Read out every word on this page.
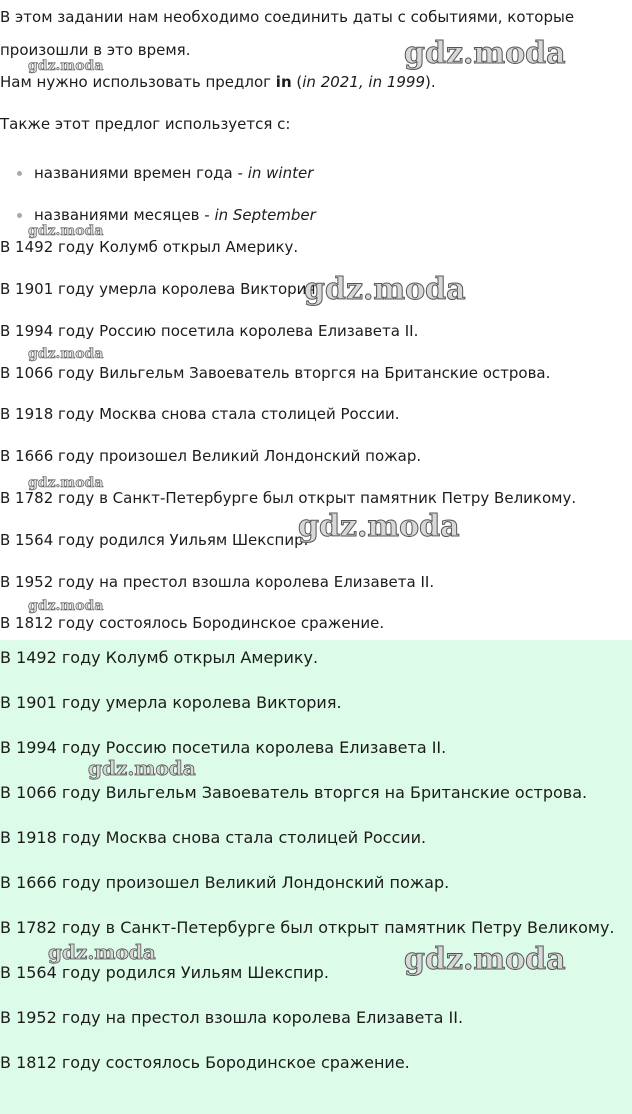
В этом задании нам необходимо соединить даты с событиями, которые
произошли в это время.
Нам нужно использовать предлог in (in 2021, in 1999).
Также этот предлог используется с:
названиями времен года - in winter
названиями месяцев - in September
В 1492 году Колумб открыл Америку.
В 1901 году умерла королева Виктория.
В 1994 году Россию посетила королева Елизавета II.
В 1066 году Вильгельм Завоеватель вторгся на Британские острова.
В 1918 году Москва снова стала столицей России.
В 1666 году произошел Великий Лондонский пожар.
В 1782 году в Санкт-Петербурге был открыт памятник Петру Великому.
В 1564 году родился Уильям Шекспир.
В 1952 году на престол взошла королева Елизавета II.
В 1812 году состоялось Бородинское сражение.
В 1492 году Колумб открыл Америку.
В 1901 году умерла королева Виктория.
В 1994 году Россию посетила королева Елизавета II.
В 1066 году Вильгельм Завоеватель вторгся на Британские острова.
В 1918 году Москва снова стала столицей России.
В 1666 году произошел Великий Лондонский пожар.
В 1782 году в Санкт-Петербурге был открыт памятник Петру Великому.
В 1564 году родился Уильям Шекспир.
В 1952 году на престол взошла королева Елизавета II.
В 1812 году состоялось Бородинское сражение.
gdz.moda
gdz.moda
gdz.moda
gdz.moda
gdz.moda
gdz.moda
gdz.moda
gdz.moda
gdz.moda
gdz.moda	gdz.moda
